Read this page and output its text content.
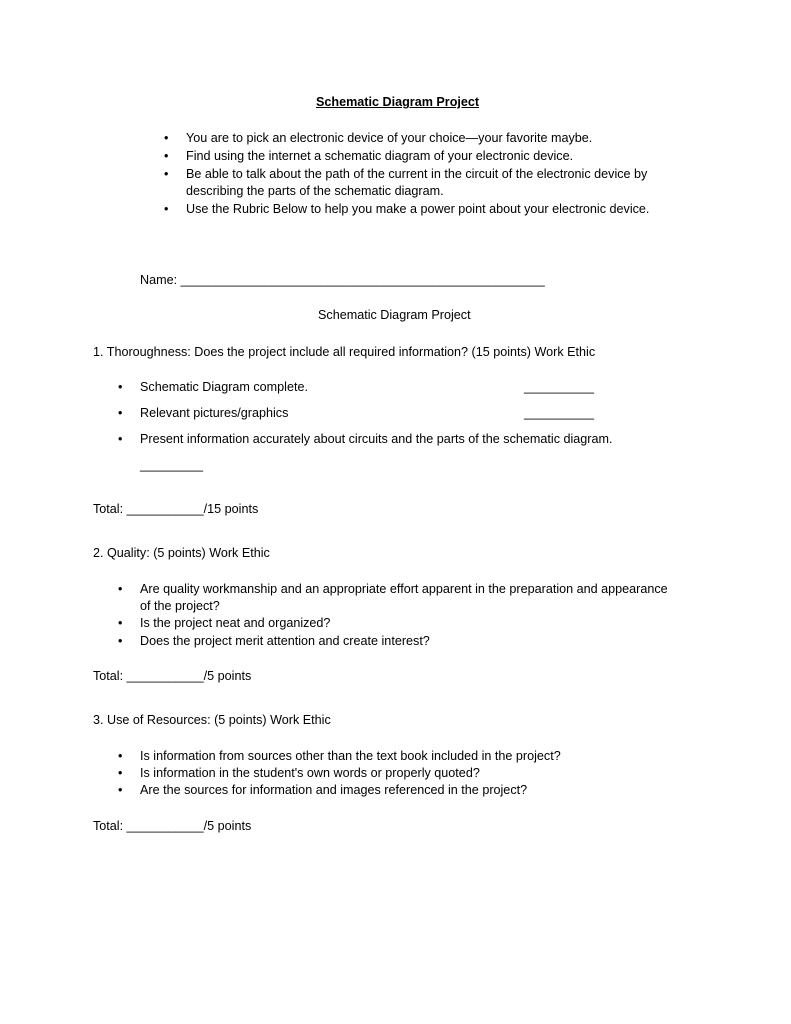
Schematic Diagram Project
• You are to pick an electronic device of your choice—your favorite maybe.
• Find using the internet a schematic diagram of your electronic device.
• Be able to talk about the path of the current in the circuit of the electronic device by
describing the parts of the schematic diagram.
• Use the Rubric Below to help you make a power point about your electronic device.
Name: ____________________________________________________
Schematic Diagram Project
1. Thoroughness: Does the project include all required information? (15 points) Work Ethic
• Schematic Diagram complete.	__________
• Relevant pictures/graphics	__________
• Present information accurately about circuits and the parts of the schematic diagram.
_________
Total: ___________/15 points
2. Quality: (5 points) Work Ethic
• Are quality workmanship and an appropriate effort apparent in the preparation and appearance
of the project?
• Is the project neat and organized?
• Does the project merit attention and create interest?
Total: ___________/5 points
3. Use of Resources: (5 points) Work Ethic
• Is information from sources other than the text book included in the project?
• Is information in the student's own words or properly quoted?
• Are the sources for information and images referenced in the project?
Total: ___________/5 points
